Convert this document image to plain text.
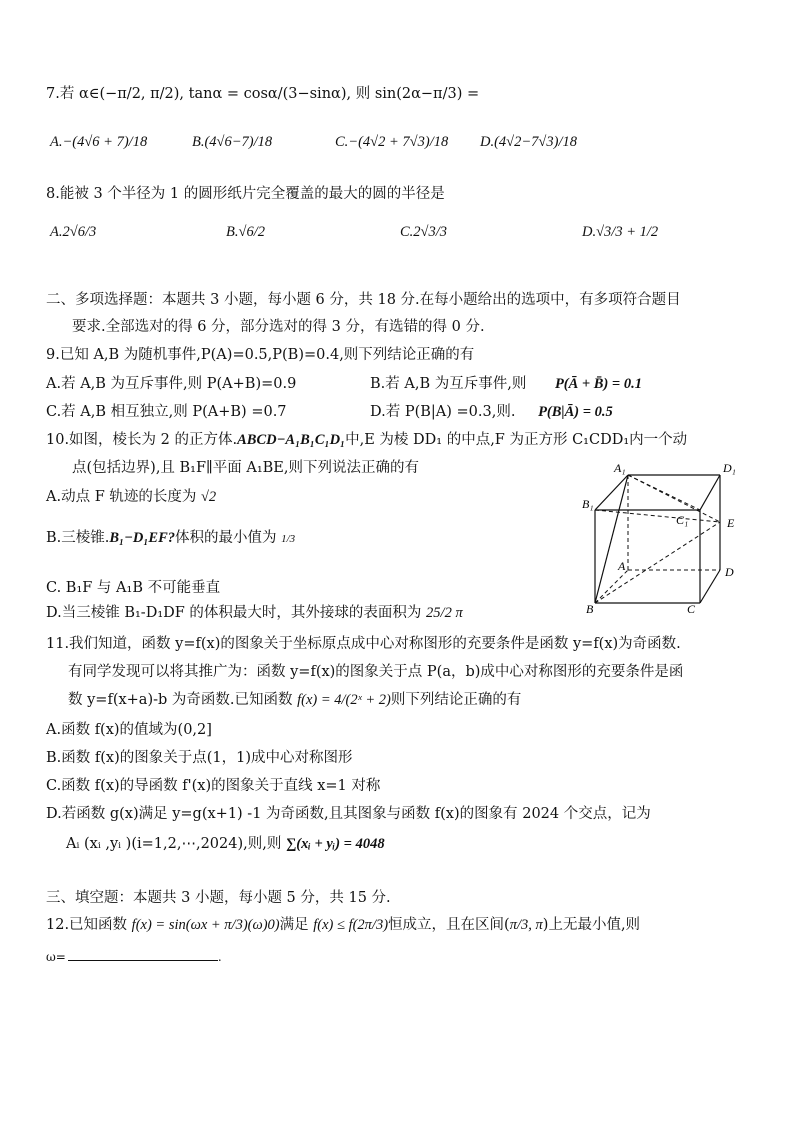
7.若 α∈(−π/2, π/2), tanα = cosα/(3−sinα), 则 sin(2α−π/3) =
A.−(4√6 + 7)/18	B.(4√6−7)/18	C.−(4√2 + 7√3)/18 D.(4√2−7√3)/18
8.能被 3 个半径为 1 的圆形纸片完全覆盖的最大的圆的半径是
A.2√6/3	B.√6/2	C.2√3/3	D.√3/3 + 1/2
二、多项选择题：本题共 3 小题，每小题 6 分，共 18 分.在每小题给出的选项中，有多项符合题目
要求.全部选对的得 6 分，部分选对的得 3 分，有选错的得 0 分.
9.已知 A,B 为随机事件,P(A)=0.5,P(B)=0.4,则下列结论正确的有
A.若 A,B 为互斥事件,则 P(A+B)=0.9	B.若 A,B 为互斥事件,则 P(Ā + B̄) = 0.1
C.若 A,B 相互独立,则 P(A+B) =0.7	D.若 P(B|A) =0.3,则. P(B|Ā) = 0.5
10.如图，棱长为 2 的正方体.ABCD−A₁B₁C₁D₁中,E 为棱 DD₁ 的中点,F 为正方形 C₁CDD₁内一个动
点(包括边界),且 B₁F∥平面 A₁BE,则下列说法正确的有
A.动点 F 轨迹的长度为 √2
B.三棱锥.B₁−D₁EF?体积的最小值为 1/3
C. B₁F 与 A₁B 不可能垂直
D.当三棱锥 B₁-D₁DF 的体积最大时，其外接球的表面积为 25/2 π
A₁	D₁
B₁
C₁	E
A	D
B	C
11.我们知道，函数 y=f(x)的图象关于坐标原点成中心对称图形的充要条件是函数 y=f(x)为奇函数.
有同学发现可以将其推广为：函数 y=f(x)的图象关于点 P(a，b)成中心对称图形的充要条件是函
数 y=f(x+a)-b 为奇函数.已知函数 f(x) = 4/(2ˣ + 2)则下列结论正确的有
A.函数 f(x)的值域为(0,2]
B.函数 f(x)的图象关于点(1，1)成中心对称图形
C.函数 f(x)的导函数 f'(x)的图象关于直线 x=1 对称
D.若函数 g(x)满足 y=g(x+1) -1 为奇函数,且其图象与函数 f(x)的图象有 2024 个交点，记为
Aᵢ (xᵢ ,yᵢ )(i=1,2,⋯,2024),则,则 ∑(xᵢ + yᵢ) = 4048
三、填空题：本题共 3 小题，每小题 5 分，共 15 分.
12.已知函数 f(x) = sin(ωx + π/3)(ω)0)满足 f(x) ≤ f(2π/3)恒成立，且在区间(π/3, π)上无最小值,则
ω=	.
